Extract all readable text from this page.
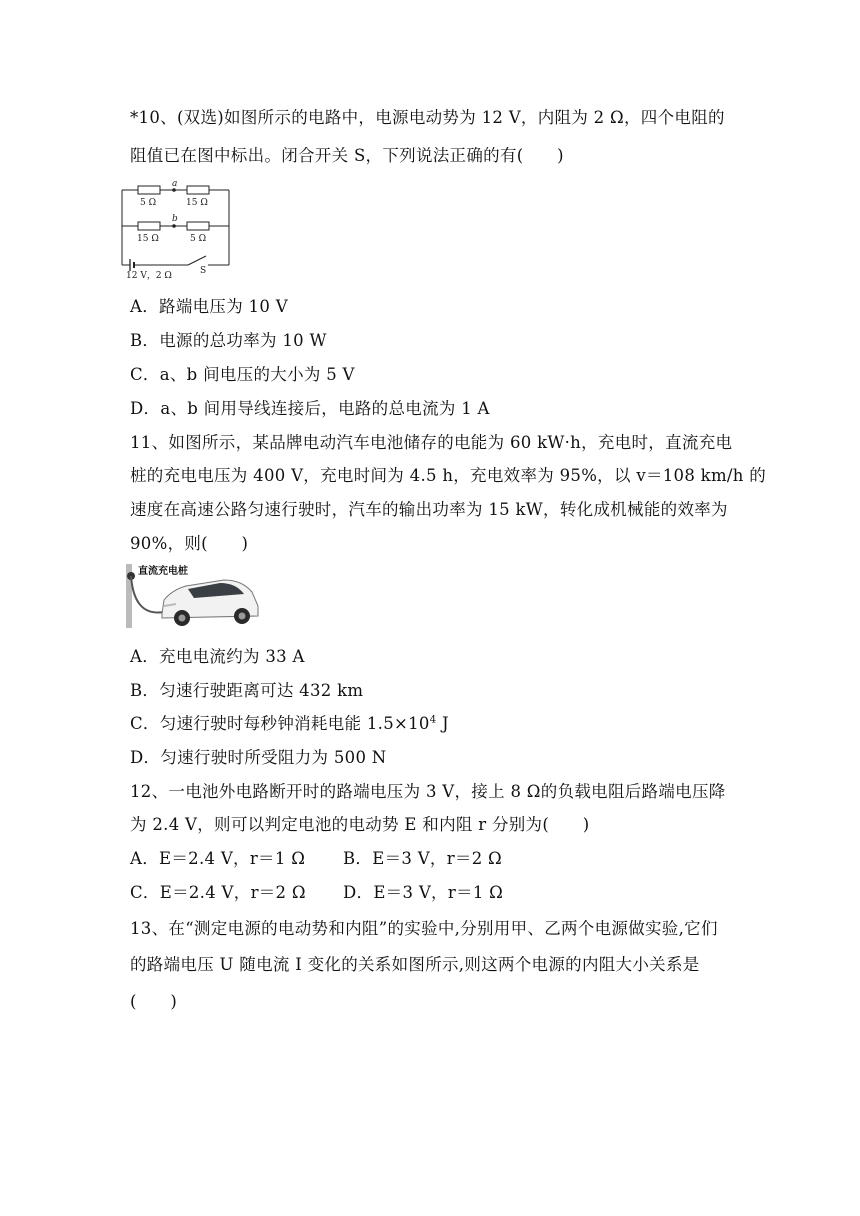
*10、(双选)如图所示的电路中，电源电动势为 12 V，内阻为 2 Ω，四个电阻的
阻值已在图中标出。闭合开关 S，下列说法正确的有(　　)
a
b
5 Ω	15 Ω
15 Ω	5 Ω
12 V，2 Ω	S
A．路端电压为 10 V
B．电源的总功率为 10 W
C．a、b 间电压的大小为 5 V
D．a、b 间用导线连接后，电路的总电流为 1 A
11、如图所示，某品牌电动汽车电池储存的电能为 60 kW·h，充电时，直流充电
桩的充电电压为 400 V，充电时间为 4.5 h，充电效率为 95%，以 v＝108 km/h 的
速度在高速公路匀速行驶时，汽车的输出功率为 15 kW，转化成机械能的效率为
90%，则(　　)
直流充电桩
A．充电电流约为 33 A
B．匀速行驶距离可达 432 km
C．匀速行驶时每秒钟消耗电能 $1.5\times 10^4$ J
D．匀速行驶时所受阻力为 500 N
12、一电池外电路断开时的路端电压为 3 V，接上 8 Ω的负载电阻后路端电压降
为 2.4 V，则可以判定电池的电动势 E 和内阻 r 分别为(　　)
A．E＝2.4 V，r＝1 Ω B．E＝3 V，r＝2 Ω
C．E＝2.4 V，r＝2 Ω D．E＝3 V，r＝1 Ω
13、在“测定电源的电动势和内阻”的实验中,分别用甲、乙两个电源做实验,它们
的路端电压 U 随电流 I 变化的关系如图所示,则这两个电源的内阻大小关系是
(　　)
